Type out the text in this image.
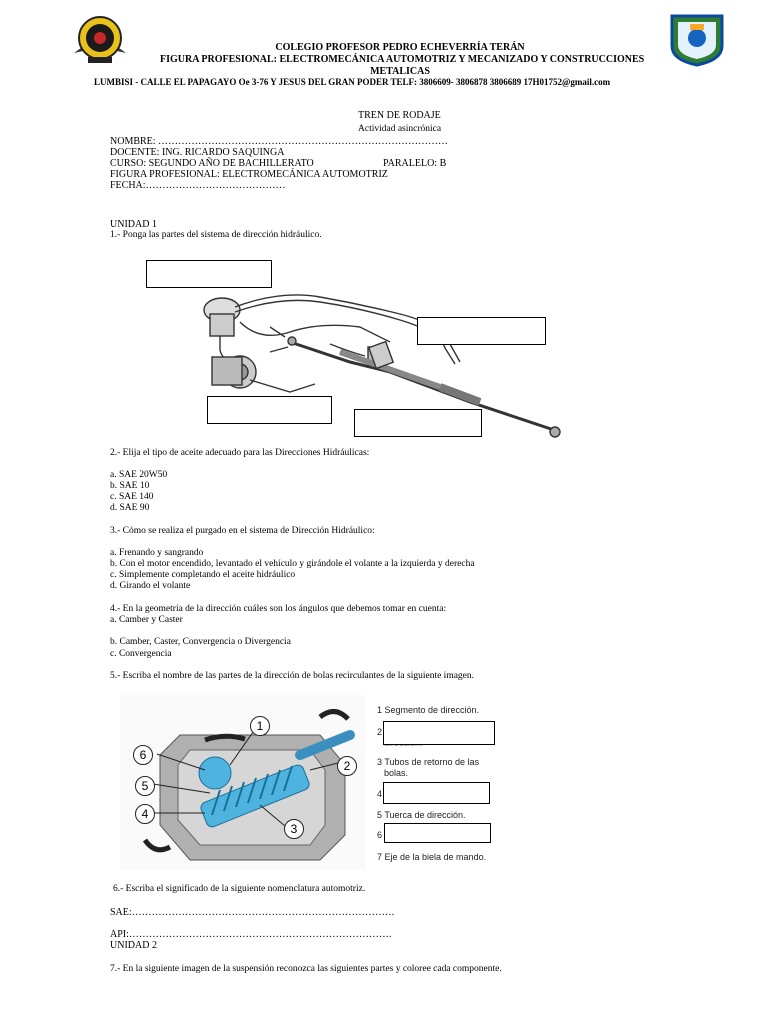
COLEGIO PROFESOR PEDRO ECHEVERRÍA TERÁN
FIGURA PROFESIONAL: ELECTROMECÁNICA AUTOMOTRIZ Y MECANIZADO Y CONSTRUCCIONES
METALICAS
LUMBISI - CALLE EL PAPAGAYO Oe 3-76 Y JESUS DEL GRAN PODER TELF: 3806609- 3806878 3806689 17H01752@gmail.com
TREN DE RODAJE
Actividad asincrónica
NOMBRE: ……………………………………………………………………………
DOCENTE: ING. RICARDO SAQUINGA
CURSO: SEGUNDO AÑO DE BACHILLERATO	PARALELO: B
FIGURA PROFESIONAL: ELECTROMECÁNICA AUTOMOTRIZ
FECHA:……………………………………
UNIDAD 1
1.- Ponga las partes del sistema de dirección hidráulico.
2.- Elija el tipo de aceite adecuado para las Direcciones Hidráulicas:
a. SAE 20W50
b. SAE 10
c. SAE 140
d. SAE 90
3.- Cómo se realiza el purgado en el sistema de Dirección Hidráulico:
a. Frenando y sangrando
b. Con el motor encendido, levantado el vehículo y girándole el volante a la izquierda y derecha
c. Simplemente completando el aceite hidráulico
d. Girando el volante
4.- En la geometría de la dirección cuáles son los ángulos que debemos tomar en cuenta:
a. Camber y Caster
b. Camber, Caster, Convergencia o Divergencia
c. Convergencia
5.- Escriba el nombre de las partes de la dirección de bolas recirculantes de la siguiente imagen.
1
2
3
4
5
6
1 Segmento de dirección.
2
3 Tubos de retorno de las
bolas.
4
5 Tuerca de dirección.
6
7 Eje de la biela de mando.
6.- Escriba el significado de la siguiente nomenclatura automotriz.
SAE:…………………………………………………………………….
API:…………………………………………………………………….
UNIDAD 2
7.- En la siguiente imagen de la suspensión reconozca las siguientes partes y coloree cada componente.
